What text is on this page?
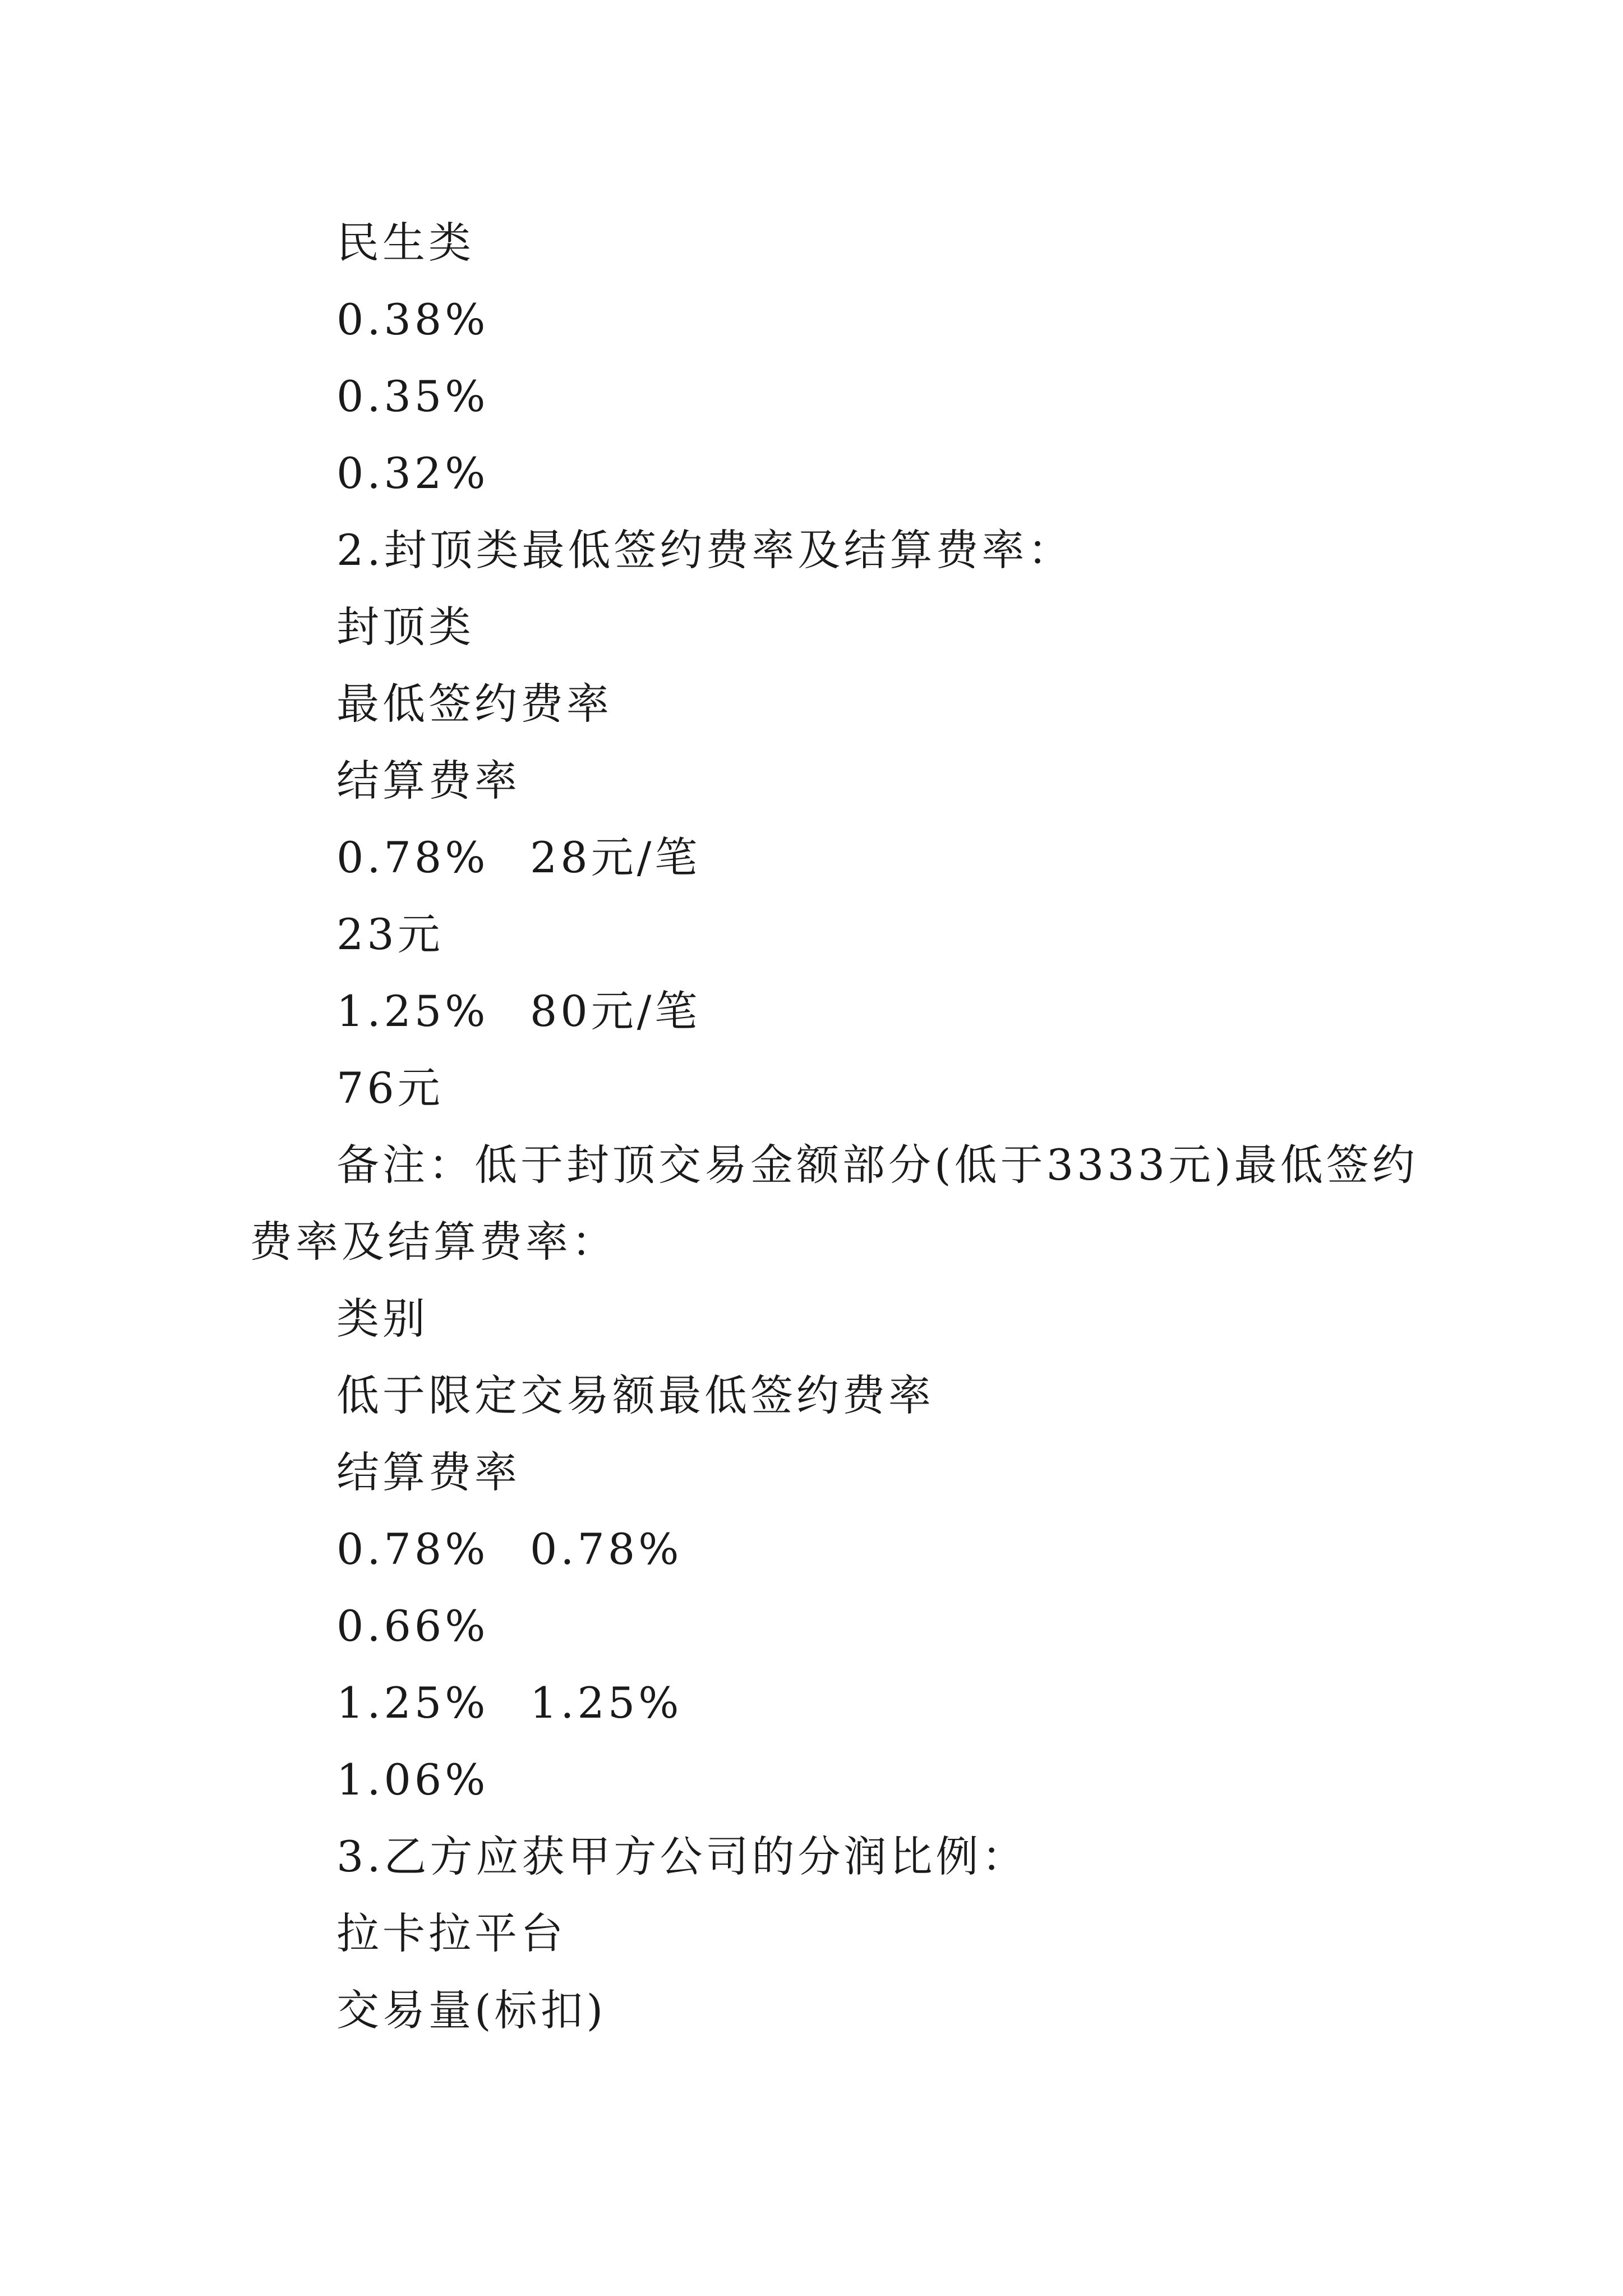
民生类
0.38%
0.35%
0.32%
2.封顶类最低签约费率及结算费率：
封顶类
最低签约费率
结算费率
0.78% 28元/笔
23元
1.25% 80元/笔
76元
备注：低于封顶交易金额部分(低于3333元)最低签约
费率及结算费率：
类别
低于限定交易额最低签约费率
结算费率
0.78% 0.78%
0.66%
1.25% 1.25%
1.06%
3.乙方应获甲方公司的分润比例：
拉卡拉平台
交易量(标扣)
